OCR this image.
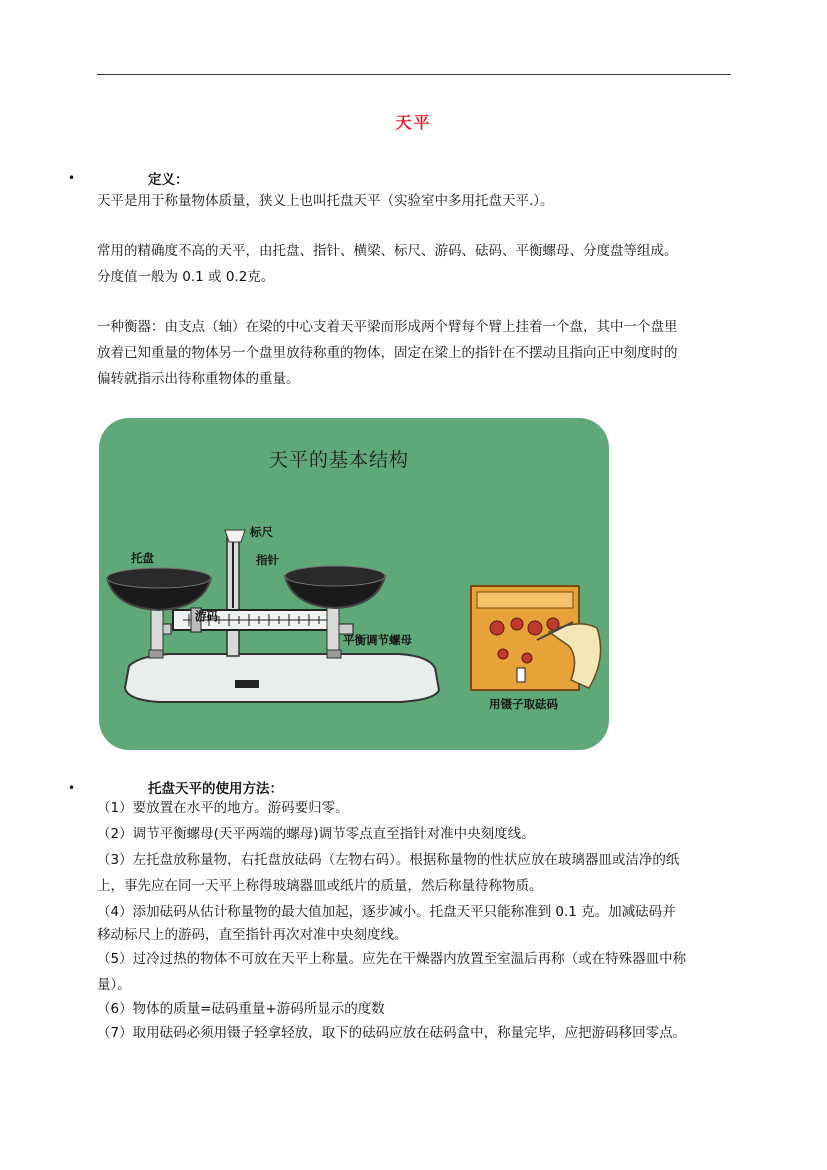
天平
•	定义：
天平是用于称量物体质量，狭义上也叫托盘天平（实验室中多用托盘天平.）。
常用的精确度不高的天平，由托盘、指针、横梁、标尺、游码、砝码、平衡螺母、分度盘等组成。
分度值一般为 0.1 或 0.2克。
一种衡器：由支点（轴）在梁的中心支着天平梁而形成两个臂每个臂上挂着一个盘，其中一个盘里
放着已知重量的物体另一个盘里放待称重的物体，固定在梁上的指针在不摆动且指向正中刻度时的
偏转就指示出待称重物体的重量。
天平的基本结构
标尺
托盘	指针
游码
平衡调节螺母
用镊子取砝码
•	托盘天平的使用方法：
（1）要放置在水平的地方。游码要归零。
（2）调节平衡螺母(天平两端的螺母)调节零点直至指针对准中央刻度线。
（3）左托盘放称量物，右托盘放砝码（左物右码）。根据称量物的性状应放在玻璃器皿或洁净的纸
上，事先应在同一天平上称得玻璃器皿或纸片的质量，然后称量待称物质。
（4）添加砝码从估计称量物的最大值加起，逐步减小。托盘天平只能称准到 0.1 克。加减砝码并
移动标尺上的游码，直至指针再次对准中央刻度线。
（5）过冷过热的物体不可放在天平上称量。应先在干燥器内放置至室温后再称（或在特殊器皿中称
量）。
（6）物体的质量=砝码重量+游码所显示的度数
（7）取用砝码必须用镊子轻拿轻放，取下的砝码应放在砝码盒中，称量完毕，应把游码移回零点。
